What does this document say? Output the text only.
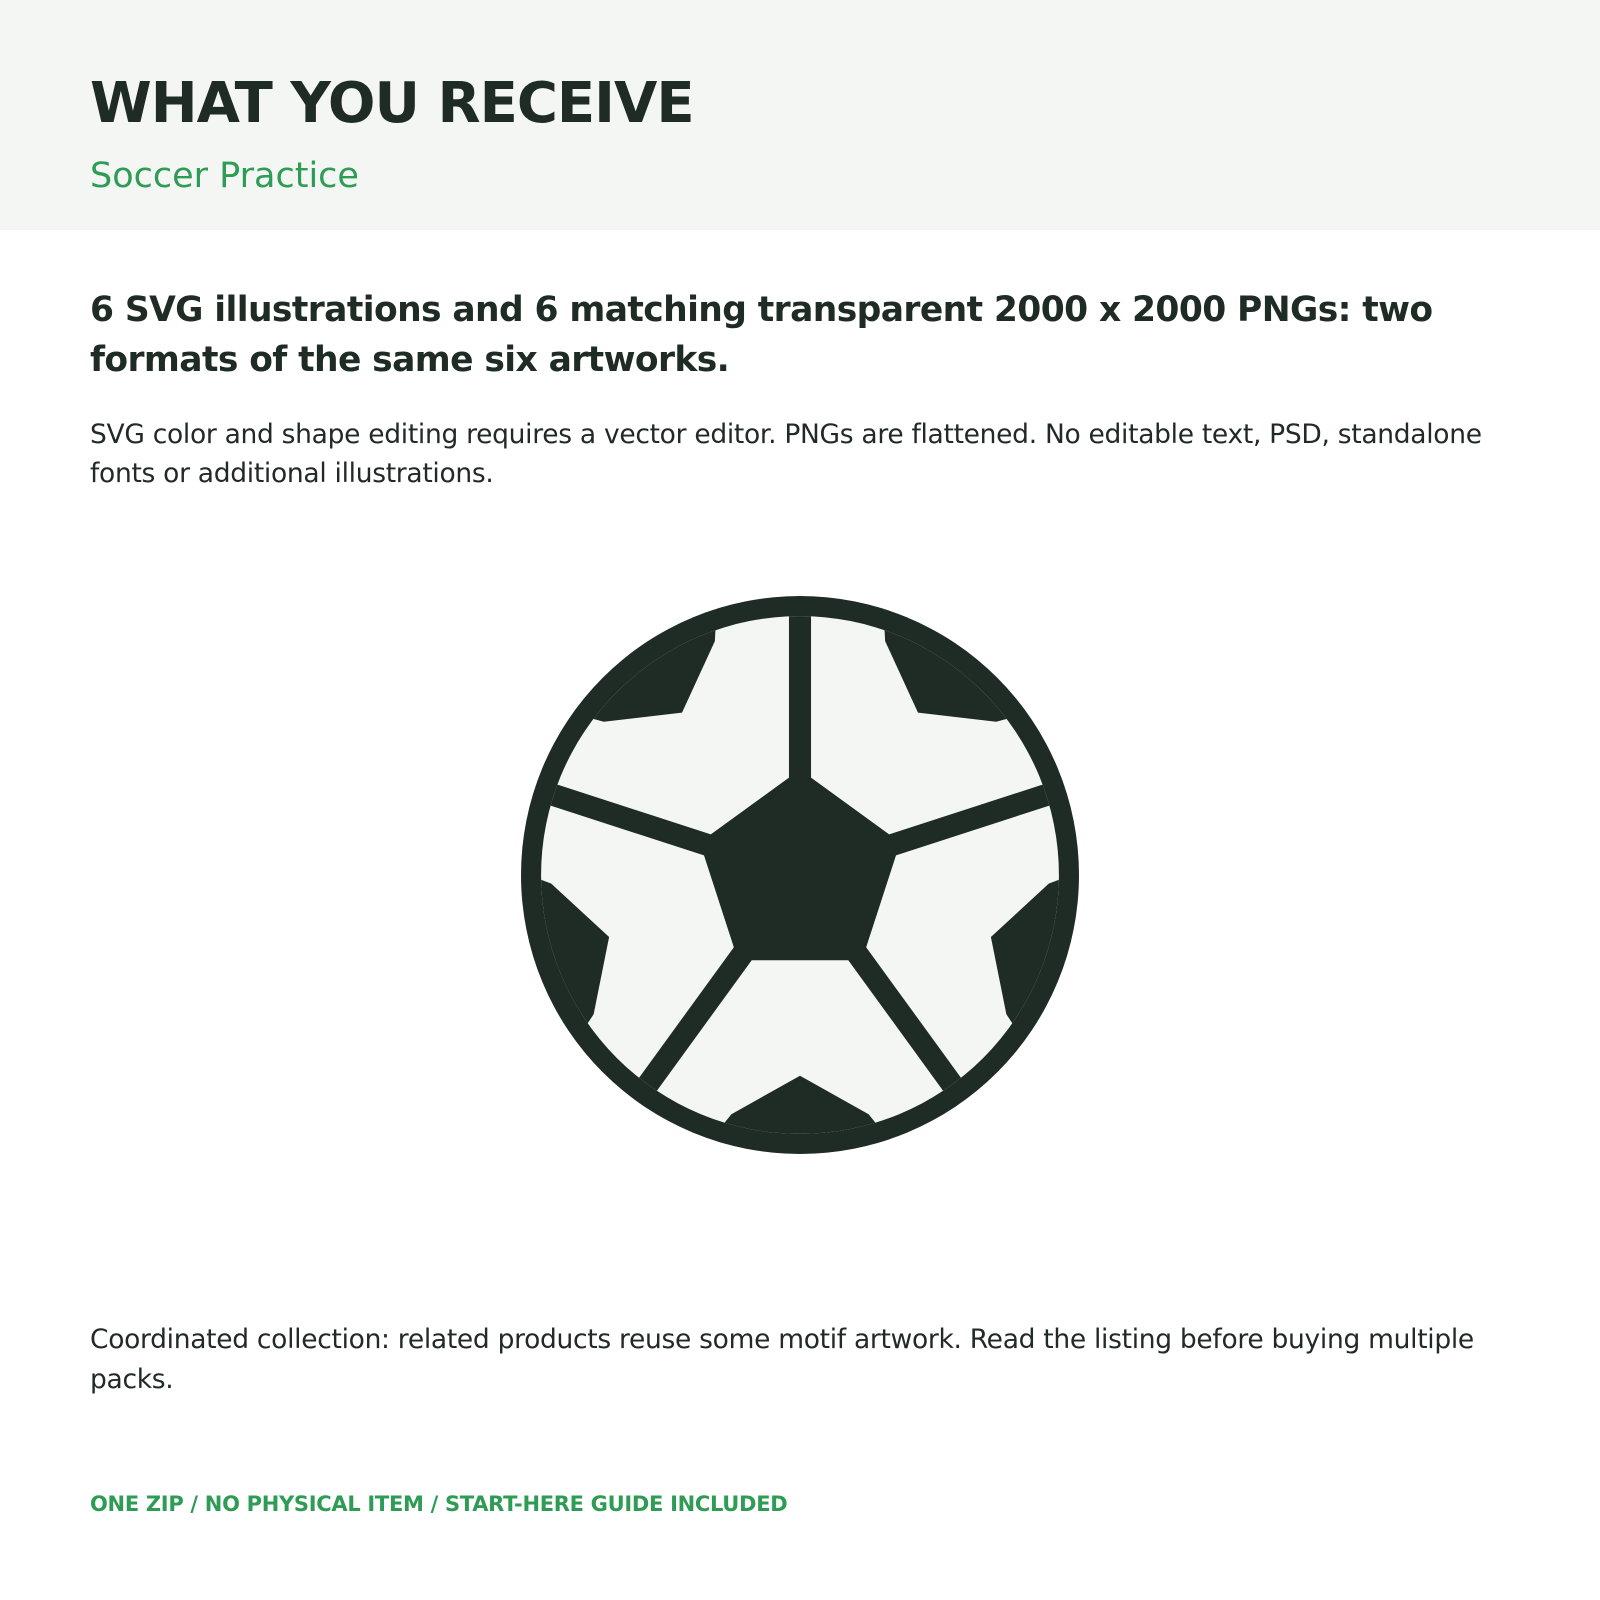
WHAT YOU RECEIVE

Soccer Practice

6 SVG illustrations and 6 matching transparent 2000 x 2000 PNGs: two formats of the same six artworks.

SVG color and shape editing requires a vector editor. PNGs are flattened. No editable text, PSD, standalone fonts or additional illustrations.

Coordinated collection: related products reuse some motif artwork. Read the listing before buying multiple packs.

ONE ZIP / NO PHYSICAL ITEM / START-HERE GUIDE INCLUDED
